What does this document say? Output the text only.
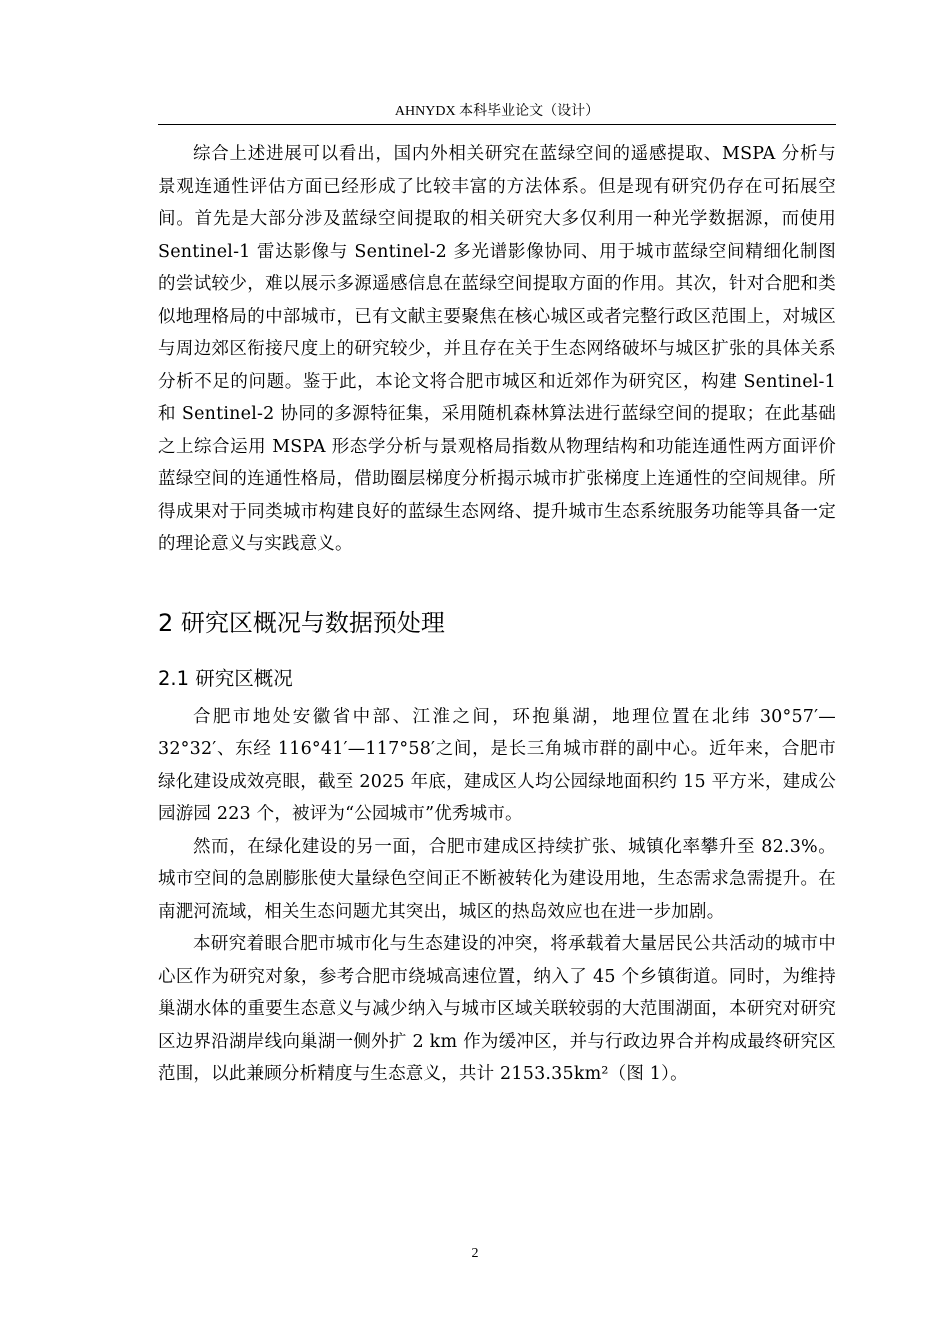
AHNYDX 本科毕业论文（设计）

综合上述进展可以看出，国内外相关研究在蓝绿空间的遥感提取、MSPA 分析与景观连通性评估方面已经形成了比较丰富的方法体系。但是现有研究仍存在可拓展空间。首先是大部分涉及蓝绿空间提取的相关研究大多仅利用一种光学数据源，而使用 Sentinel-1 雷达影像与 Sentinel-2 多光谱影像协同、用于城市蓝绿空间精细化制图的尝试较少，难以展示多源遥感信息在蓝绿空间提取方面的作用。其次，针对合肥和类似地理格局的中部城市，已有文献主要聚焦在核心城区或者完整行政区范围上，对城区与周边郊区衔接尺度上的研究较少，并且存在关于生态网络破坏与城区扩张的具体关系分析不足的问题。鉴于此，本论文将合肥市城区和近郊作为研究区，构建 Sentinel-1 和 Sentinel-2 协同的多源特征集，采用随机森林算法进行蓝绿空间的提取；在此基础之上综合运用 MSPA 形态学分析与景观格局指数从物理结构和功能连通性两方面评价蓝绿空间的连通性格局，借助圈层梯度分析揭示城市扩张梯度上连通性的空间规律。所得成果对于同类城市构建良好的蓝绿生态网络、提升城市生态系统服务功能等具备一定的理论意义与实践意义。

2 研究区概况与数据预处理
2.1 研究区概况

合肥市地处安徽省中部、江淮之间，环抱巢湖，地理位置在北纬 30°57′—32°32′、东经 116°41′—117°58′之间，是长三角城市群的副中心。近年来，合肥市绿化建设成效亮眼，截至 2025 年底，建成区人均公园绿地面积约 15 平方米，建成公园游园 223 个，被评为“公园城市”优秀城市。

然而，在绿化建设的另一面，合肥市建成区持续扩张、城镇化率攀升至 82.3%。城市空间的急剧膨胀使大量绿色空间正不断被转化为建设用地，生态需求急需提升。在南淝河流域，相关生态问题尤其突出，城区的热岛效应也在进一步加剧。

本研究着眼合肥市城市化与生态建设的冲突，将承载着大量居民公共活动的城市中心区作为研究对象，参考合肥市绕城高速位置，纳入了 45 个乡镇街道。同时，为维持巢湖水体的重要生态意义与减少纳入与城市区域关联较弱的大范围湖面，本研究对研究区边界沿湖岸线向巢湖一侧外扩 2 km 作为缓冲区，并与行政边界合并构成最终研究区范围，以此兼顾分析精度与生态意义，共计 2153.35km²（图 1）。

2
